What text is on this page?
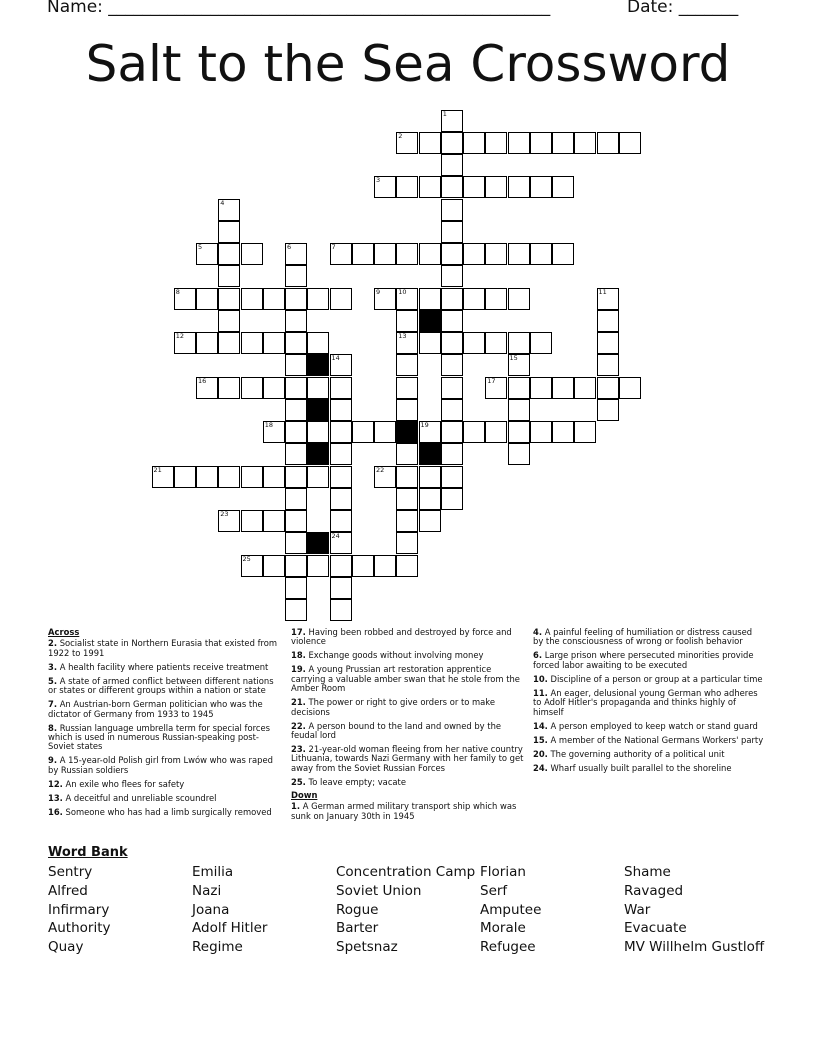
Name: ____________________________________________________	Date: _______
Salt to the Sea Crossword
1
4
6
10
13
11
14
24
15
2
3
5	7
8	9
12
16	17
18	19
21	22
23
25
Across
2. Socialist state in Northern Eurasia that existed from 1922 to 1991
3. A health facility where patients receive treatment
5. A state of armed conflict between different nations or states or different groups within a nation or state
7. An Austrian-born German politician who was the dictator of Germany from 1933 to 1945
8. Russian language umbrella term for special forces which is used in numerous Russian-speaking post-Soviet states
9. A 15-year-old Polish girl from Lwów who was raped by Russian soldiers
12. An exile who flees for safety
13. A deceitful and unreliable scoundrel
16. Someone who has had a limb surgically removed
17. Having been robbed and destroyed by force and violence
18. Exchange goods without involving money
19. A young Prussian art restoration apprentice carrying a valuable amber swan that he stole from the Amber Room
21. The power or right to give orders or to make decisions
22. A person bound to the land and owned by the feudal lord
23. 21-year-old woman fleeing from her native country Lithuania, towards Nazi Germany with her family to get away from the Soviet Russian Forces
25. To leave empty; vacate
Down
1. A German armed military transport ship which was sunk on January 30th in 1945
4. A painful feeling of humiliation or distress caused by the consciousness of wrong or foolish behavior
6. Large prison where persecuted minorities provide forced labor awaiting to be executed
10. Discipline of a person or group at a particular time
11. An eager, delusional young German who adheres to Adolf Hitler's propaganda and thinks highly of himself
14. A person employed to keep watch or stand guard
15. A member of the National Germans Workers' party
20. The governing authority of a political unit
24. Wharf usually built parallel to the shoreline
Word Bank
Sentry
Alfred
Infirmary
Authority
Quay
Emilia
Nazi
Joana
Adolf Hitler
Regime
Concentration Camp
Soviet Union
Rogue
Barter
Spetsnaz
Florian
Serf
Amputee
Morale
Refugee
Shame
Ravaged
War
Evacuate
MV Willhelm Gustloff
